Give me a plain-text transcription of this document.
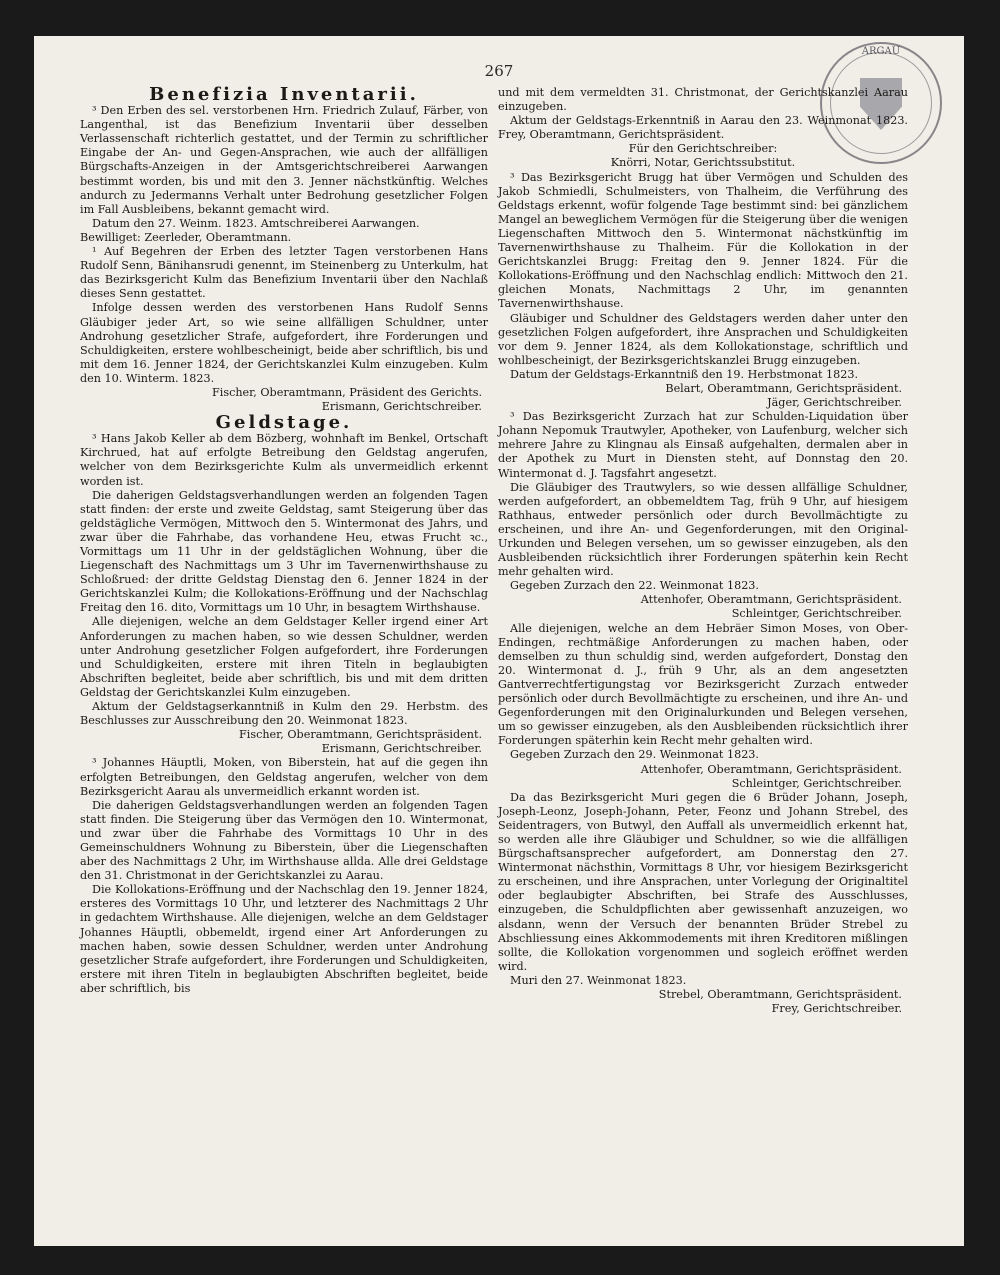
267
ARGAU
Benefizia Inventarii.

³ Den Erben des sel. verstorbenen Hrn. Friedrich Zulauf, Färber, von Langenthal, ist das Benefizium Inventarii über desselben Verlassenschaft richterlich gestattet, und der Termin zu schriftlicher Eingabe der An- und Gegen-Ansprachen, wie auch der allfälligen Bürgschafts-Anzeigen in der Amtsgerichtschreiberei Aarwangen bestimmt worden, bis und mit den 3. Jenner nächstkünftig. Welches andurch zu Jedermanns Verhalt unter Bedrohung gesetzlicher Folgen im Fall Ausbleibens, bekannt gemacht wird.

Datum den 27. Weinm. 1823. Amtschreiberei Aarwangen.

Bewilliget: Zeerleder, Oberamtmann.

¹ Auf Begehren der Erben des letzter Tagen verstorbenen Hans Rudolf Senn, Bänihansrudi genennt, im Steinenberg zu Unterkulm, hat das Bezirksgericht Kulm das Benefizium Inventarii über den Nachlaß dieses Senn gestattet.

Infolge dessen werden des verstorbenen Hans Rudolf Senns Gläubiger jeder Art, so wie seine allfälligen Schuldner, unter Androhung gesetzlicher Strafe, aufgefordert, ihre Forderungen und Schuldigkeiten, erstere wohlbescheinigt, beide aber schriftlich, bis und mit dem 16. Jenner 1824, der Gerichtskanzlei Kulm einzugeben. Kulm den 10. Winterm. 1823.

Fischer, Oberamtmann, Präsident des Gerichts.

Erismann, Gerichtschreiber.

Geldstage.

³ Hans Jakob Keller ab dem Bözberg, wohnhaft im Benkel, Ortschaft Kirchrued, hat auf erfolgte Betreibung den Geldstag angerufen, welcher von dem Bezirksgerichte Kulm als unvermeidlich erkennt worden ist.

Die daherigen Geldstagsverhandlungen werden an folgenden Tagen statt finden: der erste und zweite Geldstag, samt Steigerung über das geldstägliche Vermögen, Mittwoch den 5. Wintermonat des Jahrs, und zwar über die Fahrhabe, das vorhandene Heu, etwas Frucht ꝛc., Vormittags um 11 Uhr in der geldstäglichen Wohnung, über die Liegenschaft des Nachmittags um 3 Uhr im Tavernenwirthshause zu Schloßrued: der dritte Geldstag Dienstag den 6. Jenner 1824 in der Gerichtskanzlei Kulm; die Kollokations-Eröffnung und der Nachschlag Freitag den 16. dito, Vormittags um 10 Uhr, in besagtem Wirthshause.

Alle diejenigen, welche an dem Geldstager Keller irgend einer Art Anforderungen zu machen haben, so wie dessen Schuldner, werden unter Androhung gesetzlicher Folgen aufgefordert, ihre Forderungen und Schuldigkeiten, erstere mit ihren Titeln in beglaubigten Abschriften begleitet, beide aber schriftlich, bis und mit dem dritten Geldstag der Gerichtskanzlei Kulm einzugeben.

Aktum der Geldstagserkanntniß in Kulm den 29. Herbstm. des Beschlusses zur Ausschreibung den 20. Weinmonat 1823.

Fischer, Oberamtmann, Gerichtspräsident.

Erismann, Gerichtschreiber.

³ Johannes Häuptli, Moken, von Biberstein, hat auf die gegen ihn erfolgten Betreibungen, den Geldstag angerufen, welcher von dem Bezirksgericht Aarau als unvermeidlich erkannt worden ist.

Die daherigen Geldstagsverhandlungen werden an folgenden Tagen statt finden. Die Steigerung über das Vermögen den 10. Wintermonat, und zwar über die Fahrhabe des Vormittags 10 Uhr in des Gemeinschuldners Wohnung zu Biberstein, über die Liegenschaften aber des Nachmittags 2 Uhr, im Wirthshause allda. Alle drei Geldstage den 31. Christmonat in der Gerichtskanzlei zu Aarau.

Die Kollokations-Eröffnung und der Nachschlag den 19. Jenner 1824, ersteres des Vormittags 10 Uhr, und letzterer des Nachmittags 2 Uhr in gedachtem Wirthshause. Alle diejenigen, welche an dem Geldstager Johannes Häuptli, obbemeldt, irgend einer Art Anforderungen zu machen haben, sowie dessen Schuldner, werden unter Androhung gesetzlicher Strafe aufgefordert, ihre Forderungen und Schuldigkeiten, erstere mit ihren Titeln in beglaubigten Abschriften begleitet, beide aber schriftlich, bis

und mit dem vermeldten 31. Christmonat, der Gerichtskanzlei Aarau einzugeben.

Aktum der Geldstags-Erkenntniß in Aarau den 23. Weinmonat 1823. Frey, Oberamtmann, Gerichtspräsident.

Für den Gerichtschreiber:

Knörri, Notar, Gerichtssubstitut.

³ Das Bezirksgericht Brugg hat über Vermögen und Schulden des Jakob Schmiedli, Schulmeisters, von Thalheim, die Verführung des Geldstags erkennt, wofür folgende Tage bestimmt sind: bei gänzlichem Mangel an beweglichem Vermögen für die Steigerung über die wenigen Liegenschaften Mittwoch den 5. Wintermonat nächstkünftig im Tavernenwirthshause zu Thalheim. Für die Kollokation in der Gerichtskanzlei Brugg: Freitag den 9. Jenner 1824. Für die Kollokations-Eröffnung und den Nachschlag endlich: Mittwoch den 21. gleichen Monats, Nachmittags 2 Uhr, im genannten Tavernenwirthshause.

Gläubiger und Schuldner des Geldstagers werden daher unter den gesetzlichen Folgen aufgefordert, ihre Ansprachen und Schuldigkeiten vor dem 9. Jenner 1824, als dem Kollokationstage, schriftlich und wohlbescheinigt, der Bezirksgerichtskanzlei Brugg einzugeben.

Datum der Geldstags-Erkanntniß den 19. Herbstmonat 1823.

Belart, Oberamtmann, Gerichtspräsident.

Jäger, Gerichtschreiber.

³ Das Bezirksgericht Zurzach hat zur Schulden-Liquidation über Johann Nepomuk Trautwyler, Apotheker, von Laufenburg, welcher sich mehrere Jahre zu Klingnau als Einsaß aufgehalten, dermalen aber in der Apothek zu Murt in Diensten steht, auf Donnstag den 20. Wintermonat d. J. Tagsfahrt angesetzt.

Die Gläubiger des Trautwylers, so wie dessen allfällige Schuldner, werden aufgefordert, an obbemeldtem Tag, früh 9 Uhr, auf hiesigem Rathhaus, entweder persönlich oder durch Bevollmächtigte zu erscheinen, und ihre An- und Gegenforderungen, mit den Original-Urkunden und Belegen versehen, um so gewisser einzugeben, als den Ausbleibenden rücksichtlich ihrer Forderungen späterhin kein Recht mehr gehalten wird.

Gegeben Zurzach den 22. Weinmonat 1823.

Attenhofer, Oberamtmann, Gerichtspräsident.

Schleintger, Gerichtschreiber.

Alle diejenigen, welche an dem Hebräer Simon Moses, von Ober-Endingen, rechtmäßige Anforderungen zu machen haben, oder demselben zu thun schuldig sind, werden aufgefordert, Donstag den 20. Wintermonat d. J., früh 9 Uhr, als an dem angesetzten Gantverrechtfertigungstag vor Bezirksgericht Zurzach entweder persönlich oder durch Bevollmächtigte zu erscheinen, und ihre An- und Gegenforderungen mit den Originalurkunden und Belegen versehen, um so gewisser einzugeben, als den Ausbleibenden rücksichtlich ihrer Forderungen späterhin kein Recht mehr gehalten wird.

Gegeben Zurzach den 29. Weinmonat 1823.

Attenhofer, Oberamtmann, Gerichtspräsident.

Schleintger, Gerichtschreiber.

Da das Bezirksgericht Muri gegen die 6 Brüder Johann, Joseph, Joseph-Leonz, Joseph-Johann, Peter, Feonz und Johann Strebel, des Seidentragers, von Butwyl, den Auffall als unvermeidlich erkennt hat, so werden alle ihre Gläubiger und Schuldner, so wie die allfälligen Bürgschaftsansprecher aufgefordert, am Donnerstag den 27. Wintermonat nächsthin, Vormittags 8 Uhr, vor hiesigem Bezirksgericht zu erscheinen, und ihre Ansprachen, unter Vorlegung der Originaltitel oder beglaubigter Abschriften, bei Strafe des Ausschlusses, einzugeben, die Schuldpflichten aber gewissenhaft anzuzeigen, wo alsdann, wenn der Versuch der benannten Brüder Strebel zu Abschliessung eines Akkommodements mit ihren Kreditoren mißlingen sollte, die Kollokation vorgenommen und sogleich eröffnet werden wird.

Muri den 27. Weinmonat 1823.

Strebel, Oberamtmann, Gerichtspräsident.

Frey, Gerichtschreiber.
